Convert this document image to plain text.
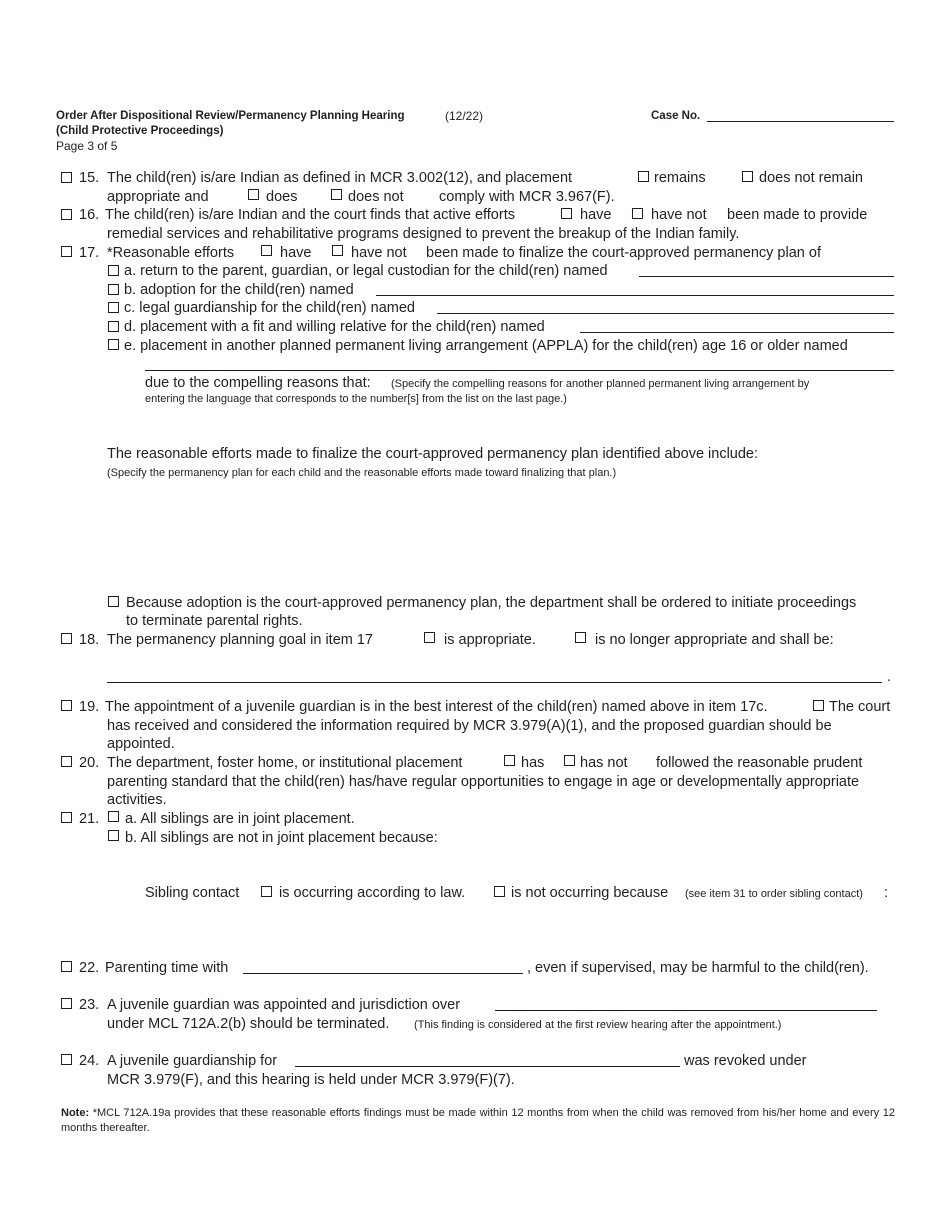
Order After Dispositional Review/Permanency Planning Hearing	(12/22)
(Child Protective Proceedings)
Page 3 of 5
Case No.
15. The child(ren) is/are Indian as defined in MCR 3.002(12), and placement	remains	does not remain
appropriate and	does	does not comply with MCR 3.967(F).
16. The child(ren) is/are Indian and the court finds that active efforts	have	have not been made to provide
remedial services and rehabilitative programs designed to prevent the breakup of the Indian family.
17. *Reasonable efforts	have	have not been made to finalize the court-approved permanency plan of
a. return to the parent, guardian, or legal custodian for the child(ren) named
b. adoption for the child(ren) named
c. legal guardianship for the child(ren) named
d. placement with a fit and willing relative for the child(ren) named
e. placement in another planned permanent living arrangement (APPLA) for the child(ren) age 16 or older named
due to the compelling reasons that: (Specify the compelling reasons for another planned permanent living arrangement by
entering the language that corresponds to the number[s] from the list on the last page.)
The reasonable efforts made to finalize the court-approved permanency plan identified above include:
(Specify the permanency plan for each child and the reasonable efforts made toward finalizing that plan.)
Because adoption is the court-approved permanency plan, the department shall be ordered to initiate proceedings
to terminate parental rights.
18. The permanency planning goal in item 17	is appropriate.	is no longer appropriate and shall be:
.
19. The appointment of a juvenile guardian is in the best interest of the child(ren) named above in item 17c.	The court
has received and considered the information required by MCR 3.979(A)(1), and the proposed guardian should be
appointed.
20. The department, foster home, or institutional placement	has has not followed the reasonable prudent
parenting standard that the child(ren) has/have regular opportunities to engage in age or developmentally appropriate
activities.
21. a. All siblings are in joint placement.
b. All siblings are not in joint placement because:
Sibling contact	is occurring according to law.	is not occurring because (see item 31 to order sibling contact) :
22. Parenting time with	, even if supervised, may be harmful to the child(ren).
23. A juvenile guardian was appointed and jurisdiction over
under MCL 712A.2(b) should be terminated. (This finding is considered at the first review hearing after the appointment.)
24. A juvenile guardianship for	was revoked under
MCR 3.979(F), and this hearing is held under MCR 3.979(F)(7).
Note: *MCL 712A.19a provides that these reasonable efforts findings must be made within 12 months from when the child was removed from his/her home and every 12 months thereafter.
